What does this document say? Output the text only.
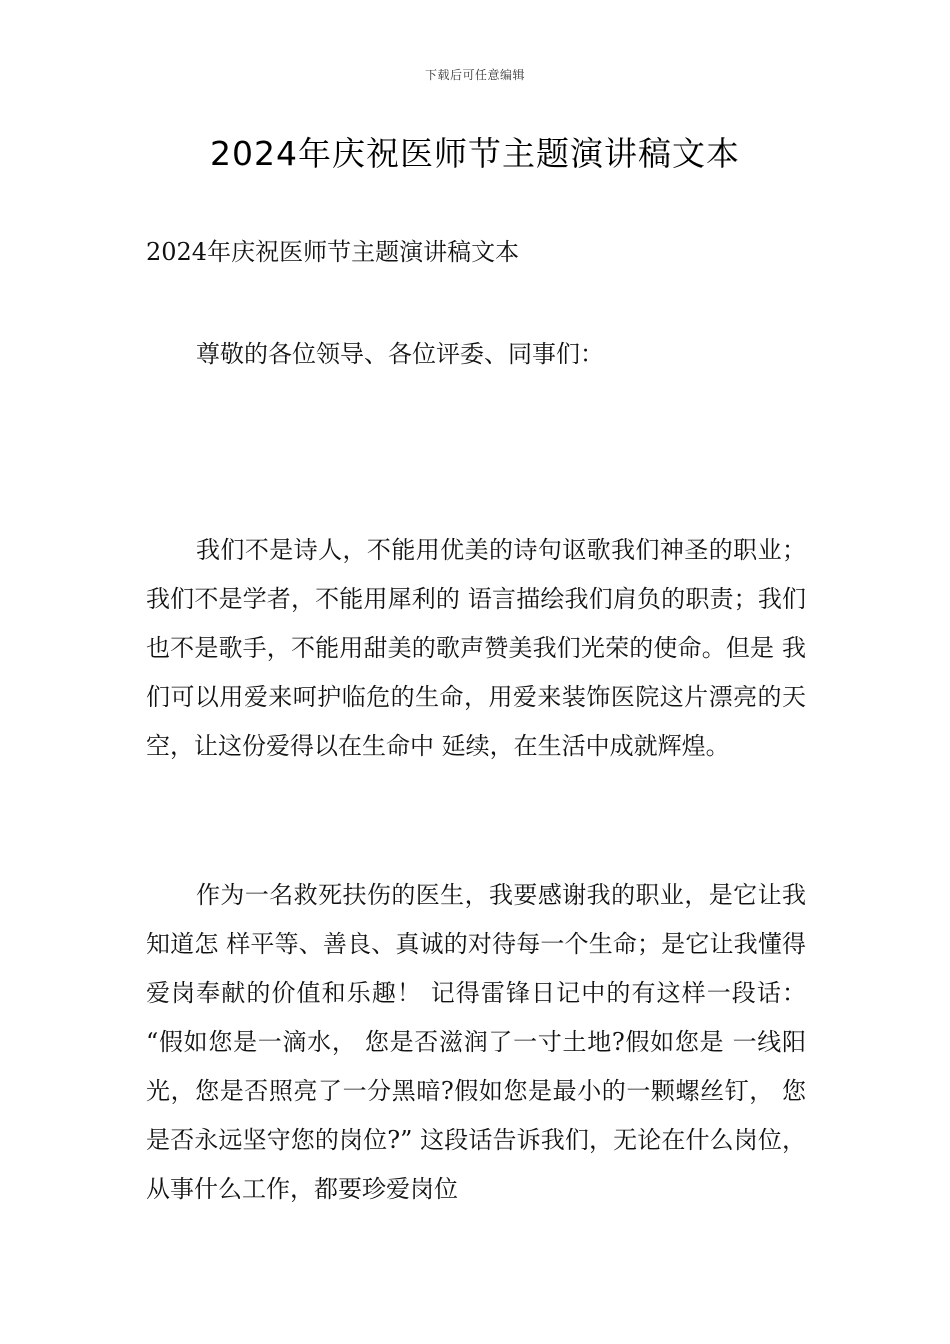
下载后可任意编辑
2024年庆祝医师节主题演讲稿文本
2024年庆祝医师节主题演讲稿文本
尊敬的各位领导、各位评委、同事们：

我们不是诗人，不能用优美的诗句讴歌我们神圣的职业；我们不是学者，不能用犀利的 语言描绘我们肩负的职责；我们也不是歌手，不能用甜美的歌声赞美我们光荣的使命。但是 我们可以用爱来呵护临危的生命，用爱来装饰医院这片漂亮的天空，让这份爱得以在生命中 延续，在生活中成就辉煌。

作为一名救死扶伤的医生，我要感谢我的职业，是它让我知道怎 样平等、善良、真诚的对待每一个生命；是它让我懂得爱岗奉献的价值和乐趣！ 记得雷锋日记中的有这样一段话： “假如您是一滴水， 您是否滋润了一寸土地?假如您是 一线阳光，您是否照亮了一分黑暗?假如您是最小的一颗螺丝钉， 您是否永远坚守您的岗位?” 这段话告诉我们，无论在什么岗位，从事什么工作，都要珍爱岗位
